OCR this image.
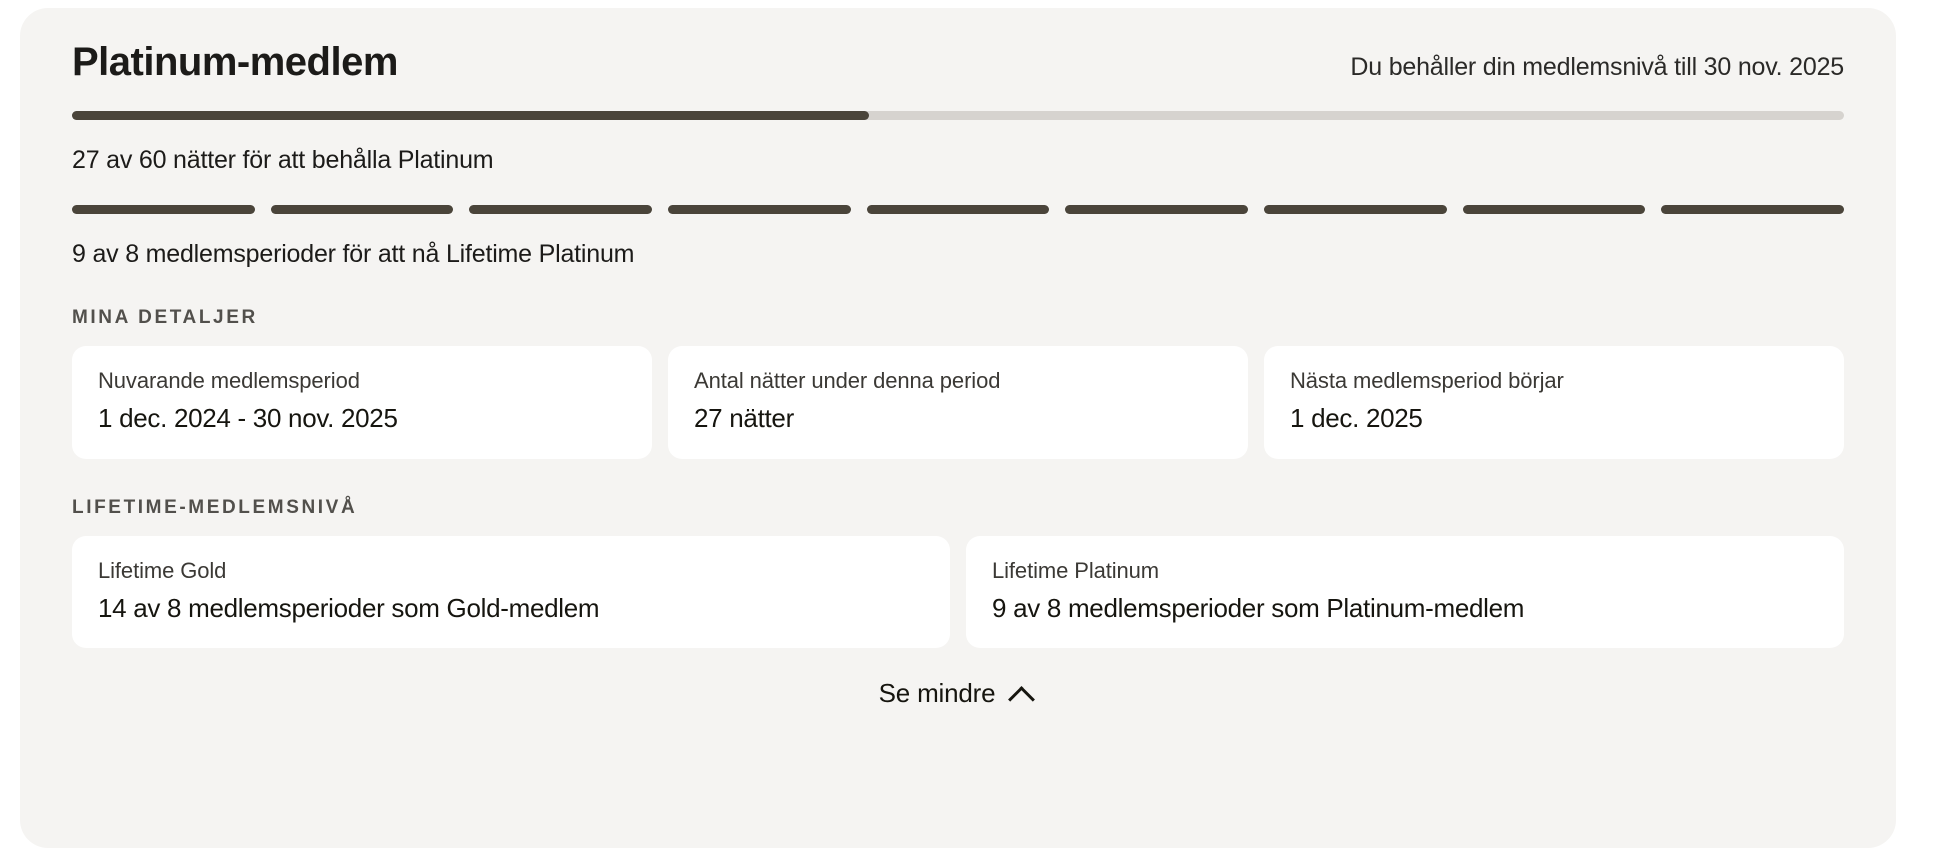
Platinum-medlem	Du behåller din medlemsnivå till 30 nov. 2025
27 av 60 nätter för att behålla Platinum
9 av 8 medlemsperioder för att nå Lifetime Platinum
MINA DETALJER
Nuvarande medlemsperiod
1 dec. 2024 - 30 nov. 2025
Antal nätter under denna period
27 nätter
Nästa medlemsperiod börjar
1 dec. 2025
LIFETIME-MEDLEMSNIVÅ
Lifetime Gold
14 av 8 medlemsperioder som Gold-medlem
Lifetime Platinum
9 av 8 medlemsperioder som Platinum-medlem
Se mindre
